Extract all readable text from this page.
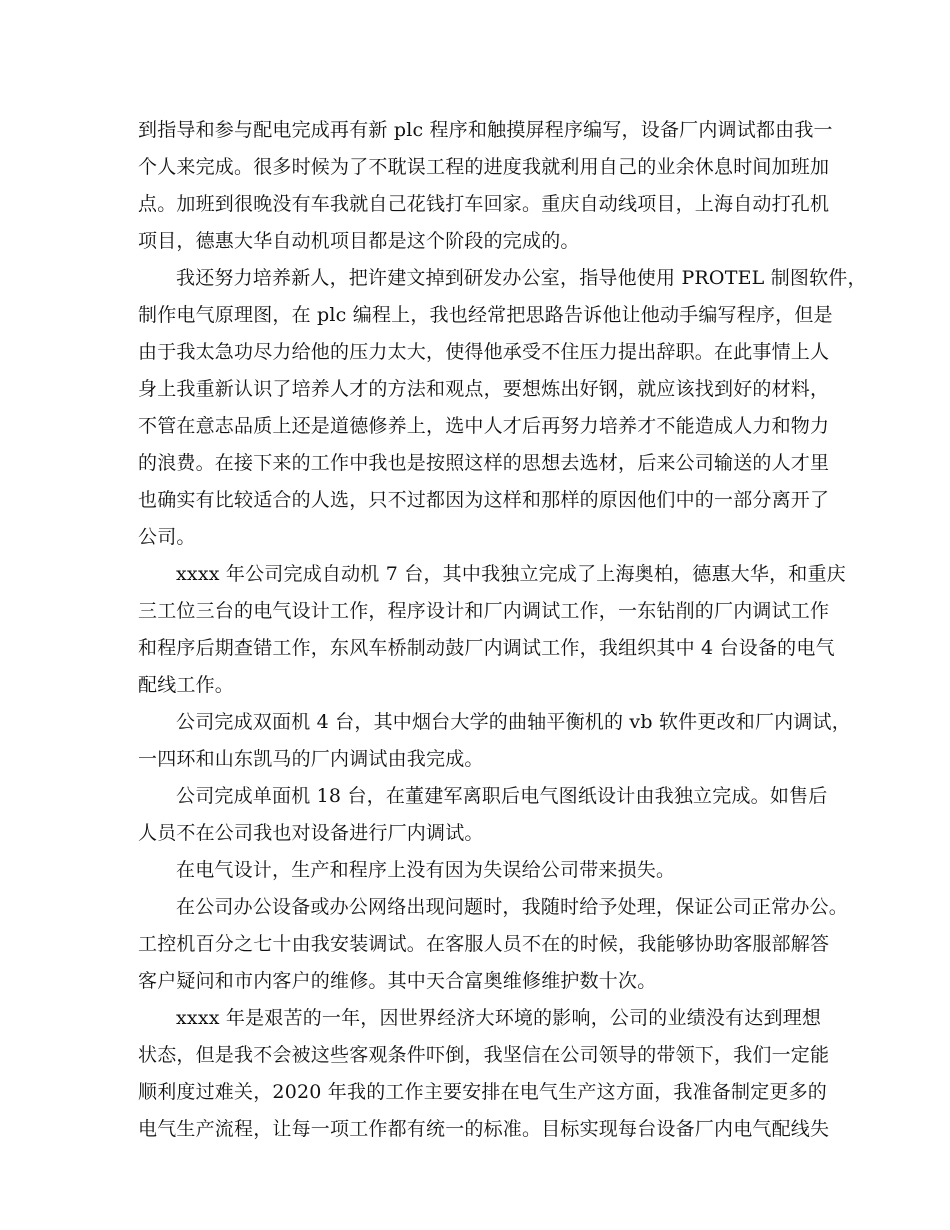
到指导和参与配电完成再有新 plc 程序和触摸屏程序编写，设备厂内调试都由我一
个人来完成。很多时候为了不耽误工程的进度我就利用自己的业余休息时间加班加
点。加班到很晚没有车我就自己花钱打车回家。重庆自动线项目，上海自动打孔机
项目，德惠大华自动机项目都是这个阶段的完成的。
我还努力培养新人，把许建文掉到研发办公室，指导他使用 PROTEL 制图软件，
制作电气原理图，在 plc 编程上，我也经常把思路告诉他让他动手编写程序，但是
由于我太急功尽力给他的压力太大，使得他承受不住压力提出辞职。在此事情上人
身上我重新认识了培养人才的方法和观点，要想炼出好钢，就应该找到好的材料，
不管在意志品质上还是道德修养上，选中人才后再努力培养才不能造成人力和物力
的浪费。在接下来的工作中我也是按照这样的思想去选材，后来公司输送的人才里
也确实有比较适合的人选，只不过都因为这样和那样的原因他们中的一部分离开了
公司。
xxxx 年公司完成自动机 7 台，其中我独立完成了上海奥柏，德惠大华，和重庆
三工位三台的电气设计工作，程序设计和厂内调试工作，一东钻削的厂内调试工作
和程序后期查错工作，东风车桥制动鼓厂内调试工作，我组织其中 4 台设备的电气
配线工作。
公司完成双面机 4 台，其中烟台大学的曲轴平衡机的 vb 软件更改和厂内调试，
一四环和山东凯马的厂内调试由我完成。
公司完成单面机 18 台，在董建军离职后电气图纸设计由我独立完成。如售后
人员不在公司我也对设备进行厂内调试。
在电气设计，生产和程序上没有因为失误给公司带来损失。
在公司办公设备或办公网络出现问题时，我随时给予处理，保证公司正常办公。
工控机百分之七十由我安装调试。在客服人员不在的时候，我能够协助客服部解答
客户疑问和市内客户的维修。其中天合富奥维修维护数十次。
xxxx 年是艰苦的一年，因世界经济大环境的影响，公司的业绩没有达到理想
状态，但是我不会被这些客观条件吓倒，我坚信在公司领导的带领下，我们一定能
顺利度过难关，2020 年我的工作主要安排在电气生产这方面，我准备制定更多的
电气生产流程，让每一项工作都有统一的标准。目标实现每台设备厂内电气配线失
